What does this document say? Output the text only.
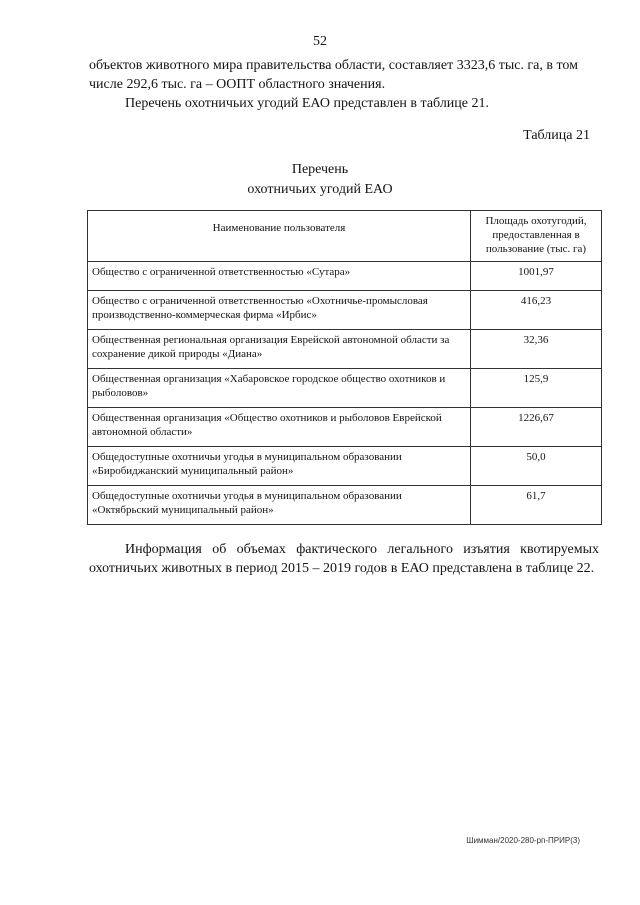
52

объектов животного мира правительства области, составляет 3323,6 тыс. га, в том числе 292,6 тыс. га – ООПТ областного значения.

Перечень охотничьих угодий ЕАО представлен в таблице 21.

Таблица 21
Перечень
охотничьих угодий ЕАО
Наименование пользователя	Площадь охотугодий, предоставленная в пользование (тыс. га)
Общество с ограниченной ответственностью «Сутара»	1001,97
Общество с ограниченной ответственностью «Охотничье-промысловая производственно-коммерческая фирма «Ирбис»	416,23
Общественная региональная организация Еврейской автономной области за сохранение дикой природы «Диана»	32,36
Общественная организация «Хабаровское городское общество охотников и рыболовов»	125,9
Общественная организация «Общество охотников и рыболовов Еврейской автономной области»	1226,67
Общедоступные охотничьи угодья в муниципальном образовании «Биробиджанский муниципальный район»	50,0
Общедоступные охотничьи угодья в муниципальном образовании «Октябрьский муниципальный район»	61,7
Информация об объемах фактического легального изъятия квотируемых охотничьих животных в период 2015 – 2019 годов в ЕАО представлена в таблице 22.
Шимман/2020-280-рп-ПРИР(3)
